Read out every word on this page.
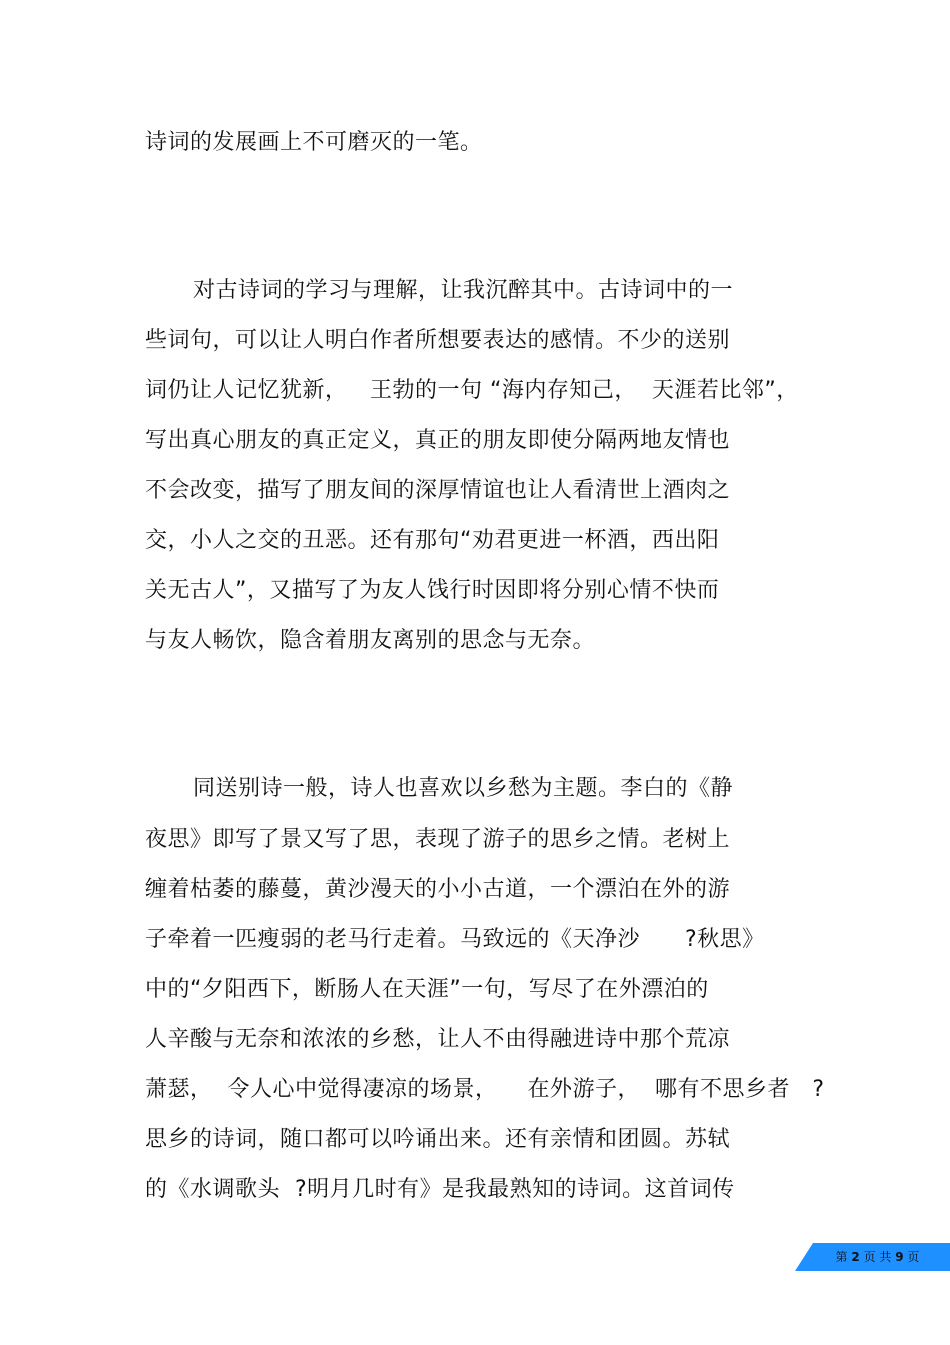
诗词的发展画上不可磨灭的一笔。
对古诗词的学习与理解，让我沉醉其中。古诗词中的一
些词句，可以让人明白作者所想要表达的感情。不少的送别
词仍让人记忆犹新，   王勃的一句 “海内存知己，  天涯若比邻”，
写出真心朋友的真正定义，真正的朋友即使分隔两地友情也
不会改变，描写了朋友间的深厚情谊也让人看清世上酒肉之
交，小人之交的丑恶。还有那句“劝君更进一杯酒，西出阳
关无古人”，又描写了为友人饯行时因即将分别心情不快而
与友人畅饮，隐含着朋友离别的思念与无奈。
同送别诗一般，诗人也喜欢以乡愁为主题。李白的《静
夜思》即写了景又写了思，表现了游子的思乡之情。老树上
缠着枯萎的藤蔓，黄沙漫天的小小古道，一个漂泊在外的游
子牵着一匹瘦弱的老马行走着。马致远的《天净沙      ?秋思》
中的“夕阳西下，断肠人在天涯”一句，写尽了在外漂泊的
人辛酸与无奈和浓浓的乡愁，让人不由得融进诗中那个荒凉
萧瑟，  令人心中觉得凄凉的场景，    在外游子，  哪有不思乡者   ?
思乡的诗词，随口都可以吟诵出来。还有亲情和团圆。苏轼
的《水调歌头  ?明月几时有》是我最熟知的诗词。这首词传
第 2 页 共 9 页
